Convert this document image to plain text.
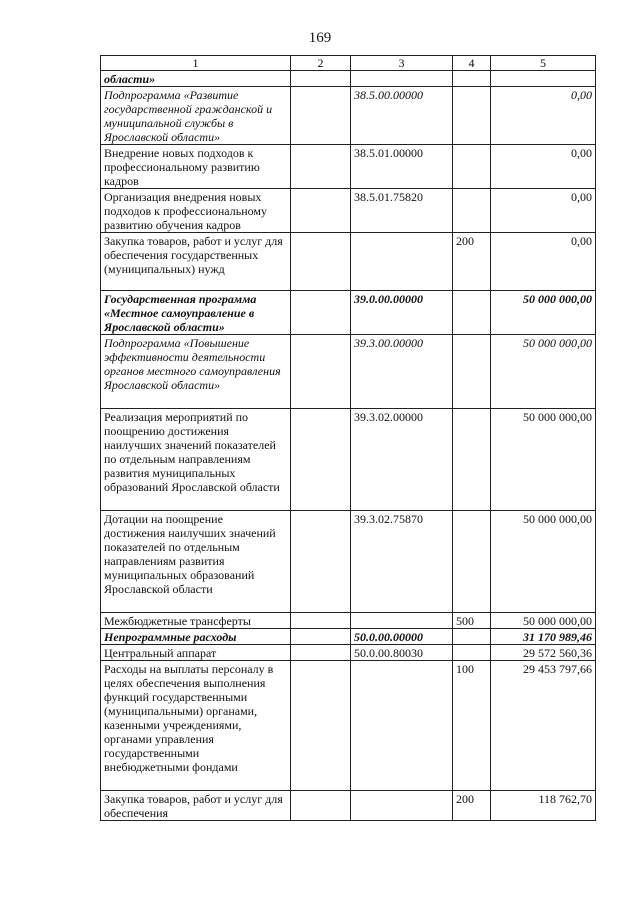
169
1	2	3	4	5
области»				
Подпрограмма «Развитие государственной гражданской и муниципальной службы в Ярославской области»		38.5.00.00000		0,00
Внедрение новых подходов к профессиональному развитию кадров		38.5.01.00000		0,00
Организация внедрения новых подходов к профессиональному развитию обучения кадров		38.5.01.75820		0,00
Закупка товаров, работ и услуг для обеспечения государственных (муниципальных) нужд			200	0,00
Государственная программа «Местное самоуправление в Ярославской области»		39.0.00.00000		50 000 000,00
Подпрограмма «Повышение эффективности деятельности органов местного самоуправления Ярославской области»		39.3.00.00000		50 000 000,00
Реализация мероприятий по поощрению достижения наилучших значений показателей по отдельным направлениям развития муниципальных образований Ярославской области		39.3.02.00000		50 000 000,00
Дотации на поощрение достижения наилучших значений показателей по отдельным направлениям развития муниципальных образований Ярославской области		39.3.02.75870		50 000 000,00
Межбюджетные трансферты			500	50 000 000,00
Непрограммные расходы		50.0.00.00000		31 170 989,46
Центральный аппарат		50.0.00.80030		29 572 560,36
Расходы на выплаты персоналу в целях обеспечения выполнения функций государственными (муниципальными) органами, казенными учреждениями, органами управления государственными внебюджетными фондами			100	29 453 797,66
Закупка товаров, работ и услуг для обеспечения			200	118 762,70
